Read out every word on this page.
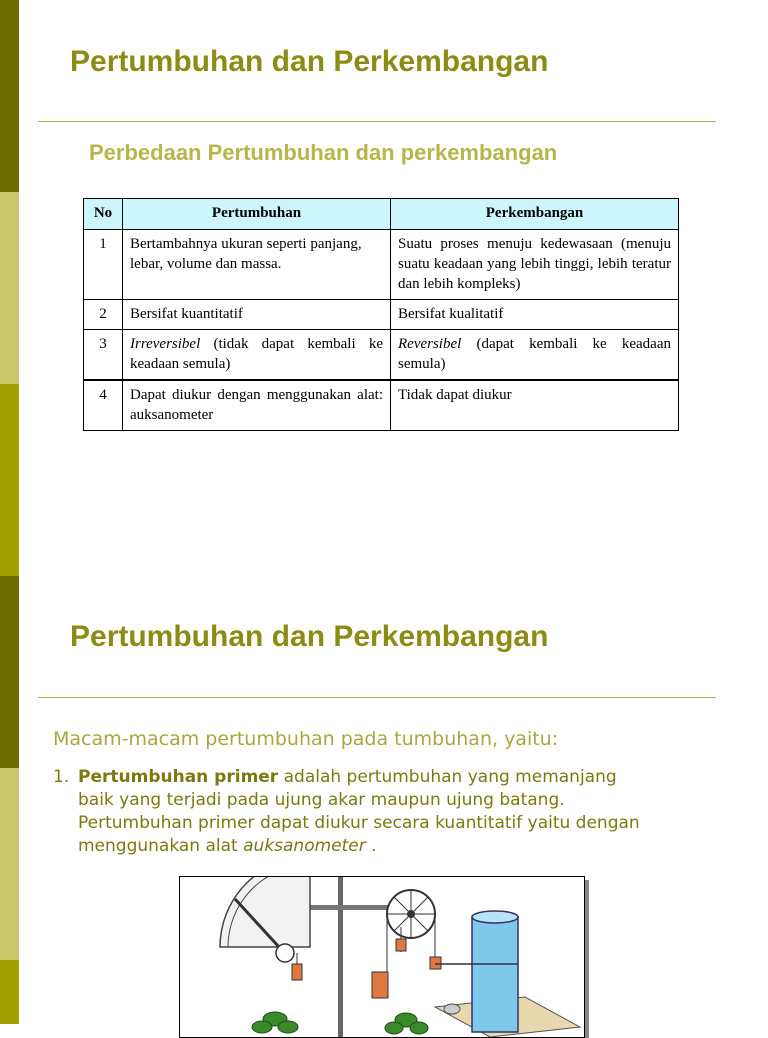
Pertumbuhan dan Perkembangan
Perbedaan Pertumbuhan dan perkembangan
No	Pertumbuhan	Perkembangan
1	Bertambahnya ukuran seperti panjang, lebar, volume dan massa.	Suatu proses menuju kedewasaan (menuju suatu keadaan yang lebih tinggi, lebih teratur dan lebih kompleks)
2	Bersifat kuantitatif	Bersifat kualitatif
3	Irreversibel (tidak dapat kembali ke keadaan semula)	Reversibel (dapat kembali ke keadaan semula)
4	Dapat diukur dengan menggunakan alat: auksanometer	Tidak dapat diukur
Pertumbuhan dan Perkembangan

Macam-macam pertumbuhan pada tumbuhan, yaitu:

1. Pertumbuhan primer adalah pertumbuhan yang memanjang
baik yang terjadi pada ujung akar maupun ujung batang.
Pertumbuhan primer dapat diukur secara kuantitatif yaitu dengan
menggunakan alat auksanometer .
